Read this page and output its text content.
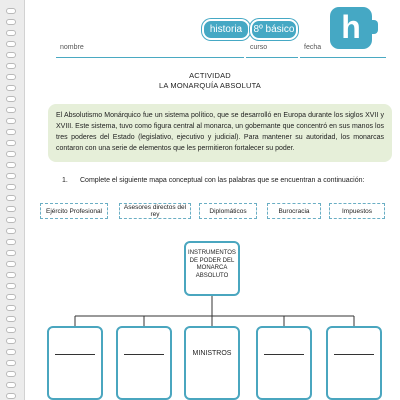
historia	8º básico	h
nombre	curso	fecha
ACTIVIDAD
LA MONARQUÍA ABSOLUTA
El Absolutismo Monárquico fue un sistema político, que se desarrolló en Europa durante los siglos XVII y XVIII. Este sistema, tuvo como figura central al monarca, un gobernante que concentró en sus manos los tres poderes del Estado (legislativo, ejecutivo y judicial). Para mantener su autoridad, los monarcas contaron con una serie de elementos que les permitieron fortalecer su poder.
1. Complete el siguiente mapa conceptual con las palabras que se encuentran a continuación:
Ejército Profesional	Asesores directos del rey	Diplomáticos	Burocracia	Impuestos
INSTRUMENTOS DE PODER DEL MONARCA ABSOLUTO
MINISTROS
